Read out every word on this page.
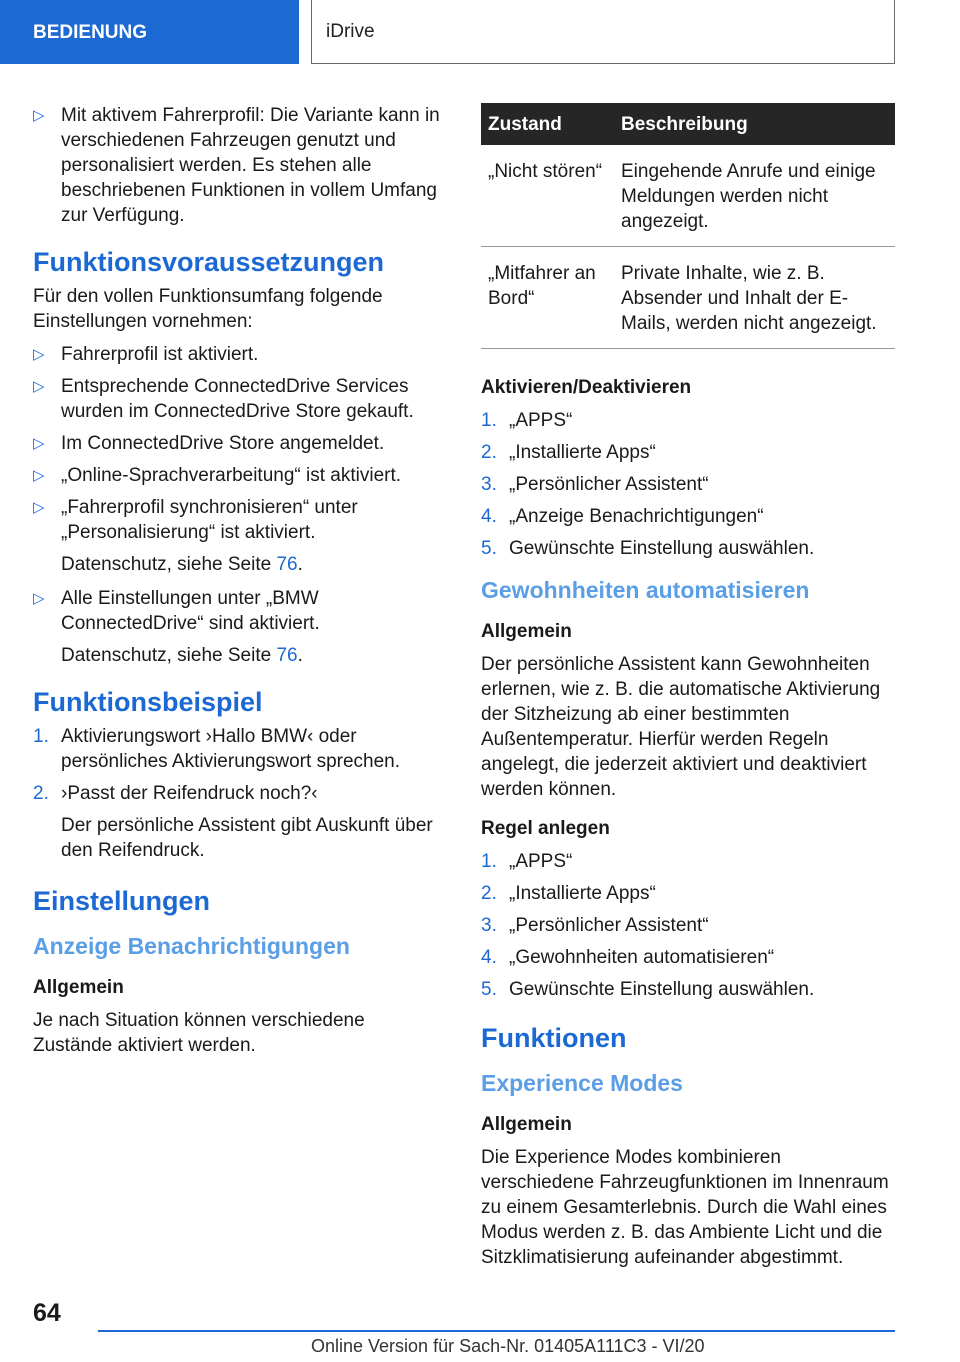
BEDIENUNG	iDrive
▷ Mit aktivem Fahrerprofil: Die Variante kann in verschiedenen Fahrzeugen genutzt und personalisiert werden. Es stehen alle beschriebenen Funktionen in vollem Umfang zur Verfügung.
Funktionsvoraussetzungen

Für den vollen Funktionsumfang folgende Einstellungen vornehmen:

▷ Fahrerprofil ist aktiviert.
▷ Entsprechende ConnectedDrive Services wurden im ConnectedDrive Store gekauft.
▷ Im ConnectedDrive Store angemeldet.
▷ „Online-Sprachverarbeitung“ ist aktiviert.
▷ „Fahrerprofil synchronisieren“ unter „Personalisierung“ ist aktiviert.
Datenschutz, siehe Seite 76.
▷ Alle Einstellungen unter „BMW ConnectedDrive“ sind aktiviert.
Datenschutz, siehe Seite 76.
Funktionsbeispiel
1. Aktivierungswort ›Hallo BMW‹ oder persönliches Aktivierungswort sprechen.
2. ›Passt der Reifendruck noch?‹
Der persönliche Assistent gibt Auskunft über den Reifendruck.
Einstellungen
Anzeige Benachrichtigungen
Allgemein

Je nach Situation können verschiedene Zustände aktiviert werden.

Zustand	Beschreibung
„Nicht stören“	Eingehende Anrufe und einige Meldungen werden nicht angezeigt.
„Mitfahrer an Bord“	Private Inhalte, wie z. B. Absender und Inhalt der E-Mails, werden nicht angezeigt.
Aktivieren/Deaktivieren
1. „APPS“
2. „Installierte Apps“
3. „Persönlicher Assistent“
4. „Anzeige Benachrichtigungen“
5. Gewünschte Einstellung auswählen.
Gewohnheiten automatisieren
Allgemein

Der persönliche Assistent kann Gewohnheiten erlernen, wie z. B. die automatische Aktivierung der Sitzheizung ab einer bestimmten Außentemperatur. Hierfür werden Regeln angelegt, die jederzeit aktiviert und deaktiviert werden können.

Regel anlegen
1. „APPS“
2. „Installierte Apps“
3. „Persönlicher Assistent“
4. „Gewohnheiten automatisieren“
5. Gewünschte Einstellung auswählen.
Funktionen
Experience Modes
Allgemein

Die Experience Modes kombinieren verschiedene Fahrzeugfunktionen im Innenraum zu einem Gesamterlebnis. Durch die Wahl eines Modus werden z. B. das Ambiente Licht und die Sitzklimatisierung aufeinander abgestimmt.

64
Online Version für Sach-Nr. 01405A111C3 - VI/20
